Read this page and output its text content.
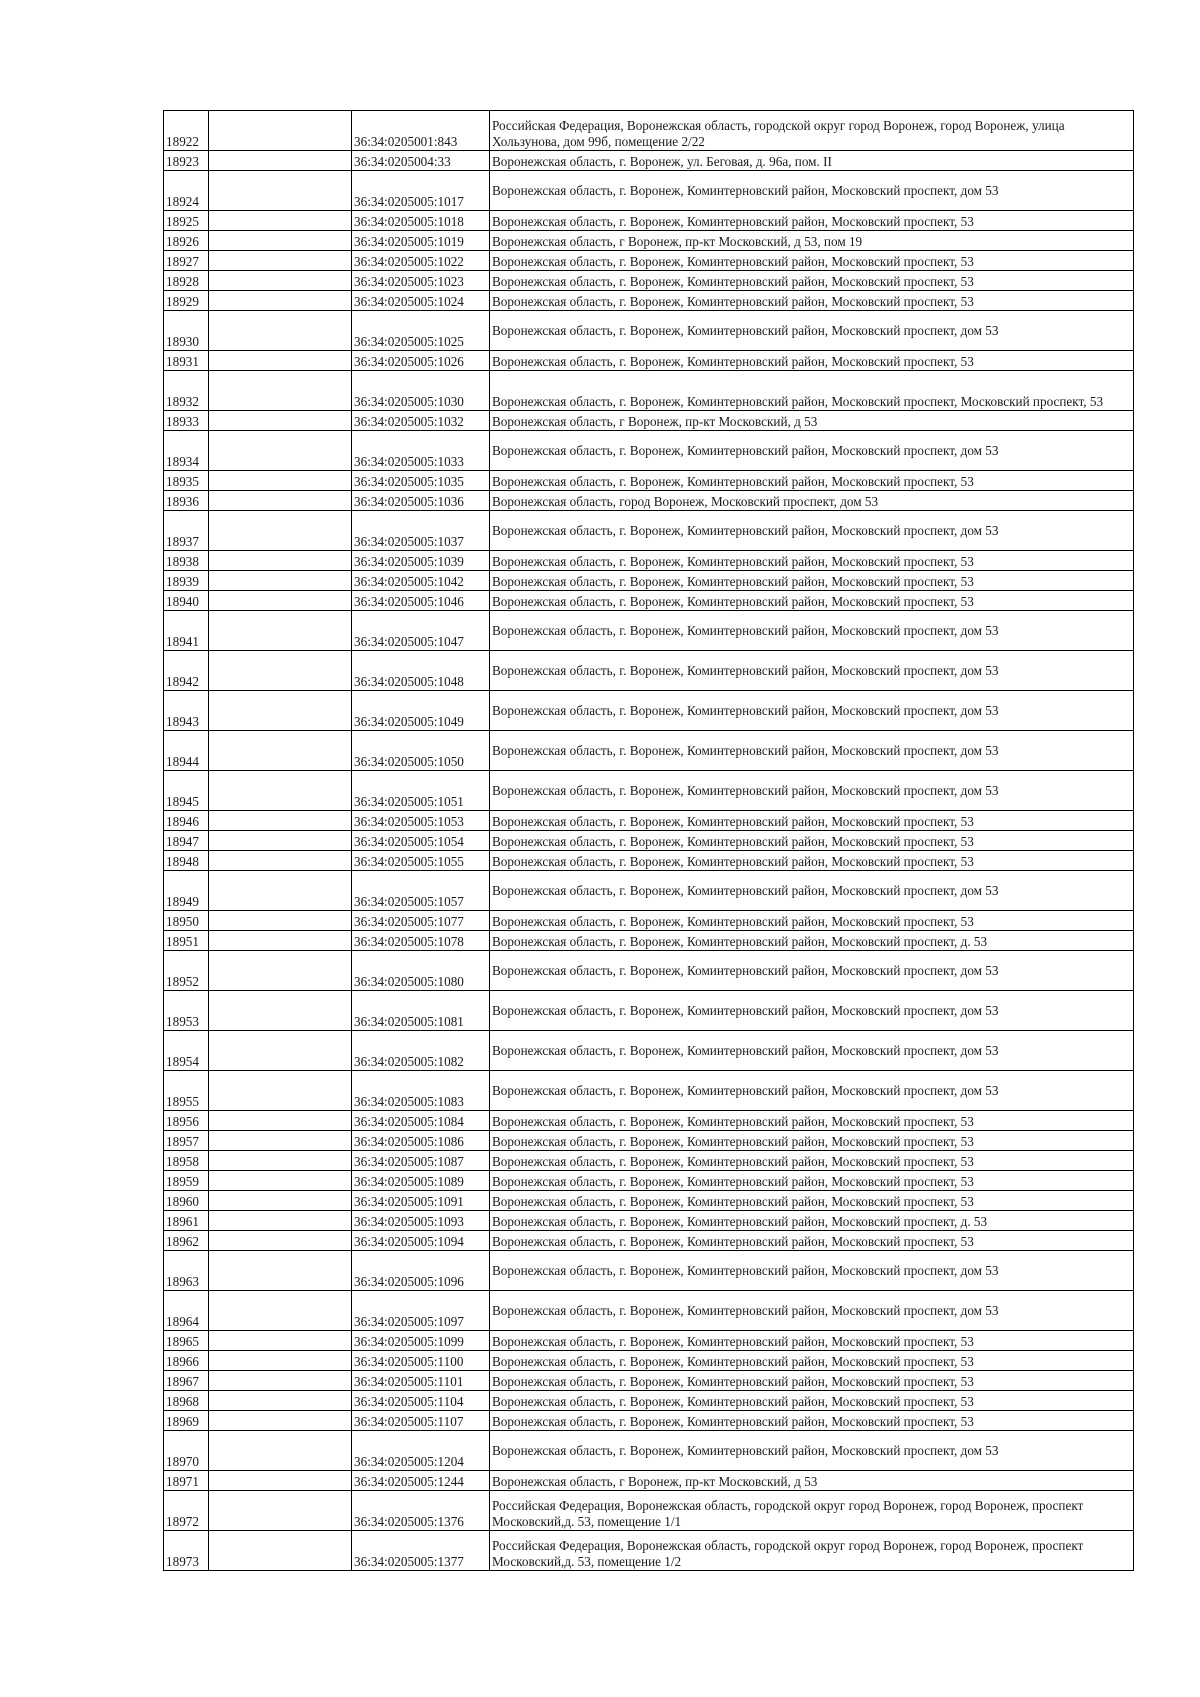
18922		36:34:0205001:843	Российская Федерация, Воронежская область, городской округ город Воронеж, город Воронеж, улица Хользунова, дом 99б, помещение 2/22
18923		36:34:0205004:33	Воронежская область, г. Воронеж, ул. Беговая, д. 96а, пом. II
18924		36:34:0205005:1017	Воронежская область, г. Воронеж, Коминтерновский район, Московский проспект, дом 53
18925		36:34:0205005:1018	Воронежская область, г. Воронеж, Коминтерновский район, Московский проспект, 53
18926		36:34:0205005:1019	Воронежская область, г Воронеж, пр-кт Московский, д 53, пом 19
18927		36:34:0205005:1022	Воронежская область, г. Воронеж, Коминтерновский район, Московский проспект, 53
18928		36:34:0205005:1023	Воронежская область, г. Воронеж, Коминтерновский район, Московский проспект, 53
18929		36:34:0205005:1024	Воронежская область, г. Воронеж, Коминтерновский район, Московский проспект, 53
18930		36:34:0205005:1025	Воронежская область, г. Воронеж, Коминтерновский район, Московский проспект, дом 53
18931		36:34:0205005:1026	Воронежская область, г. Воронеж, Коминтерновский район, Московский проспект, 53
18932		36:34:0205005:1030	Воронежская область, г. Воронеж, Коминтерновский район, Московский проспект, Московский проспект, 53
18933		36:34:0205005:1032	Воронежская область, г Воронеж, пр-кт Московский, д 53
18934		36:34:0205005:1033	Воронежская область, г. Воронеж, Коминтерновский район, Московский проспект, дом 53
18935		36:34:0205005:1035	Воронежская область, г. Воронеж, Коминтерновский район, Московский проспект, 53
18936		36:34:0205005:1036	Воронежская область, город Воронеж, Московский проспект, дом 53
18937		36:34:0205005:1037	Воронежская область, г. Воронеж, Коминтерновский район, Московский проспект, дом 53
18938		36:34:0205005:1039	Воронежская область, г. Воронеж, Коминтерновский район, Московский проспект, 53
18939		36:34:0205005:1042	Воронежская область, г. Воронеж, Коминтерновский район, Московский проспект, 53
18940		36:34:0205005:1046	Воронежская область, г. Воронеж, Коминтерновский район, Московский проспект, 53
18941		36:34:0205005:1047	Воронежская область, г. Воронеж, Коминтерновский район, Московский проспект, дом 53
18942		36:34:0205005:1048	Воронежская область, г. Воронеж, Коминтерновский район, Московский проспект, дом 53
18943		36:34:0205005:1049	Воронежская область, г. Воронеж, Коминтерновский район, Московский проспект, дом 53
18944		36:34:0205005:1050	Воронежская область, г. Воронеж, Коминтерновский район, Московский проспект, дом 53
18945		36:34:0205005:1051	Воронежская область, г. Воронеж, Коминтерновский район, Московский проспект, дом 53
18946		36:34:0205005:1053	Воронежская область, г. Воронеж, Коминтерновский район, Московский проспект, 53
18947		36:34:0205005:1054	Воронежская область, г. Воронеж, Коминтерновский район, Московский проспект, 53
18948		36:34:0205005:1055	Воронежская область, г. Воронеж, Коминтерновский район, Московский проспект, 53
18949		36:34:0205005:1057	Воронежская область, г. Воронеж, Коминтерновский район, Московский проспект, дом 53
18950		36:34:0205005:1077	Воронежская область, г. Воронеж, Коминтерновский район, Московский проспект, 53
18951		36:34:0205005:1078	Воронежская область, г. Воронеж, Коминтерновский район, Московский проспект, д. 53
18952		36:34:0205005:1080	Воронежская область, г. Воронеж, Коминтерновский район, Московский проспект, дом 53
18953		36:34:0205005:1081	Воронежская область, г. Воронеж, Коминтерновский район, Московский проспект, дом 53
18954		36:34:0205005:1082	Воронежская область, г. Воронеж, Коминтерновский район, Московский проспект, дом 53
18955		36:34:0205005:1083	Воронежская область, г. Воронеж, Коминтерновский район, Московский проспект, дом 53
18956		36:34:0205005:1084	Воронежская область, г. Воронеж, Коминтерновский район, Московский проспект, 53
18957		36:34:0205005:1086	Воронежская область, г. Воронеж, Коминтерновский район, Московский проспект, 53
18958		36:34:0205005:1087	Воронежская область, г. Воронеж, Коминтерновский район, Московский проспект, 53
18959		36:34:0205005:1089	Воронежская область, г. Воронеж, Коминтерновский район, Московский проспект, 53
18960		36:34:0205005:1091	Воронежская область, г. Воронеж, Коминтерновский район, Московский проспект, 53
18961		36:34:0205005:1093	Воронежская область, г. Воронеж, Коминтерновский район, Московский проспект, д. 53
18962		36:34:0205005:1094	Воронежская область, г. Воронеж, Коминтерновский район, Московский проспект, 53
18963		36:34:0205005:1096	Воронежская область, г. Воронеж, Коминтерновский район, Московский проспект, дом 53
18964		36:34:0205005:1097	Воронежская область, г. Воронеж, Коминтерновский район, Московский проспект, дом 53
18965		36:34:0205005:1099	Воронежская область, г. Воронеж, Коминтерновский район, Московский проспект, 53
18966		36:34:0205005:1100	Воронежская область, г. Воронеж, Коминтерновский район, Московский проспект, 53
18967		36:34:0205005:1101	Воронежская область, г. Воронеж, Коминтерновский район, Московский проспект, 53
18968		36:34:0205005:1104	Воронежская область, г. Воронеж, Коминтерновский район, Московский проспект, 53
18969		36:34:0205005:1107	Воронежская область, г. Воронеж, Коминтерновский район, Московский проспект, 53
18970		36:34:0205005:1204	Воронежская область, г. Воронеж, Коминтерновский район, Московский проспект, дом 53
18971		36:34:0205005:1244	Воронежская область, г Воронеж, пр-кт Московский, д 53
18972		36:34:0205005:1376	Российская Федерация, Воронежская область, городской округ город Воронеж, город Воронеж, проспект Московский,д. 53, помещение 1/1
18973		36:34:0205005:1377	Российская Федерация, Воронежская область, городской округ город Воронеж, город Воронеж, проспект Московский,д. 53, помещение 1/2
